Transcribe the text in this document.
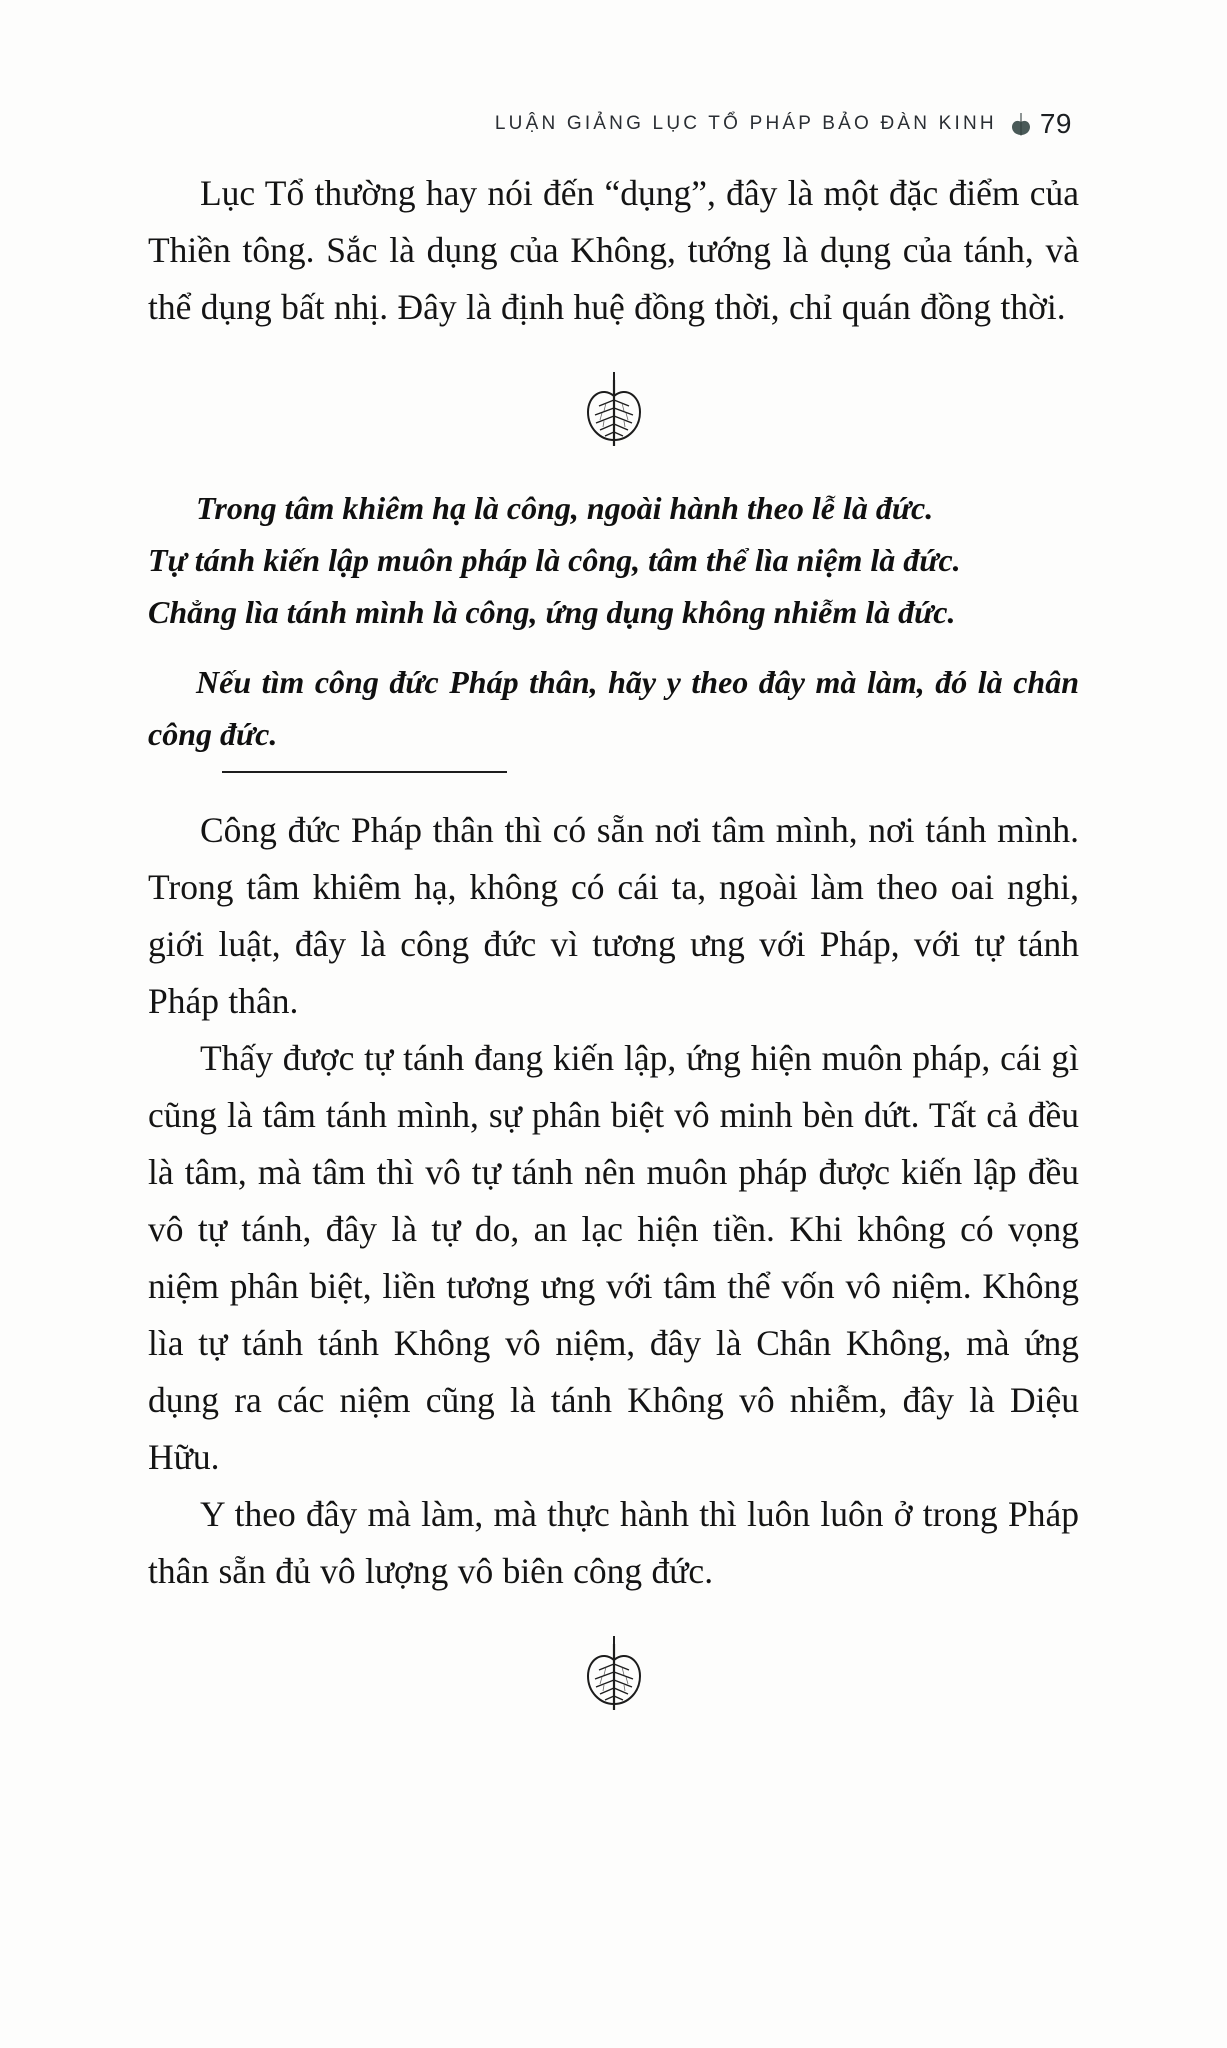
LUẬN GIẢNG LỤC TỔ PHÁP BẢO ĐÀN KINH 79

Lục Tổ thường hay nói đến “dụng”, đây là một đặc điểm của Thiền tông. Sắc là dụng của Không, tướng là dụng của tánh, và thể dụng bất nhị. Đây là định huệ đồng thời, chỉ quán đồng thời.

Trong tâm khiêm hạ là công, ngoài hành theo lễ là đức.

Tự tánh kiến lập muôn pháp là công, tâm thể lìa niệm là đức.

Chẳng lìa tánh mình là công, ứng dụng không nhiễm là đức.

Nếu tìm công đức Pháp thân, hãy y theo đây mà làm, đó là chân công đức.

Công đức Pháp thân thì có sẵn nơi tâm mình, nơi tánh mình. Trong tâm khiêm hạ, không có cái ta, ngoài làm theo oai nghi, giới luật, đây là công đức vì tương ưng với Pháp, với tự tánh Pháp thân.

Thấy được tự tánh đang kiến lập, ứng hiện muôn pháp, cái gì cũng là tâm tánh mình, sự phân biệt vô minh bèn dứt. Tất cả đều là tâm, mà tâm thì vô tự tánh nên muôn pháp được kiến lập đều vô tự tánh, đây là tự do, an lạc hiện tiền. Khi không có vọng niệm phân biệt, liền tương ưng với tâm thể vốn vô niệm. Không lìa tự tánh tánh Không vô niệm, đây là Chân Không, mà ứng dụng ra các niệm cũng là tánh Không vô nhiễm, đây là Diệu Hữu.

Y theo đây mà làm, mà thực hành thì luôn luôn ở trong Pháp thân sẵn đủ vô lượng vô biên công đức.
